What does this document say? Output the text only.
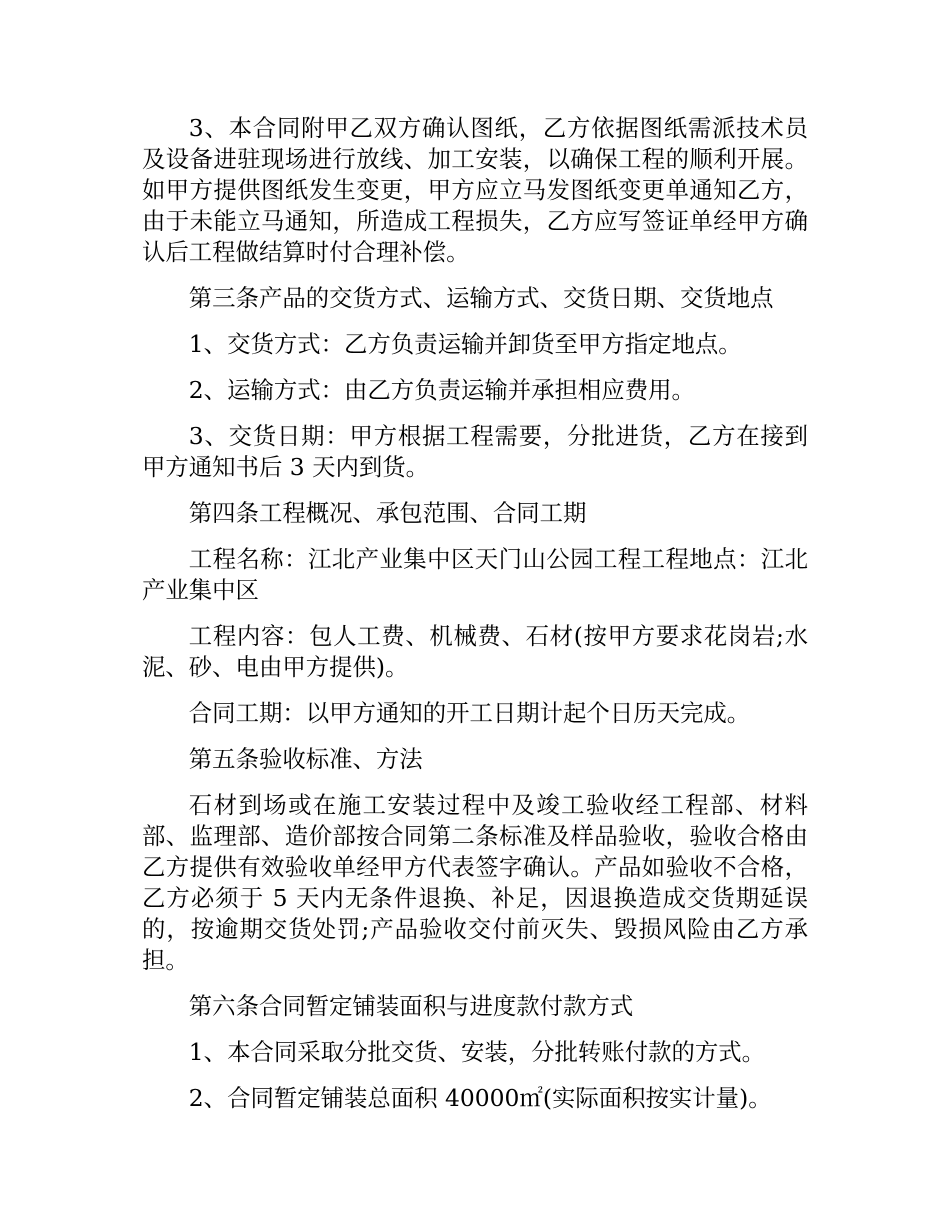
3、本合同附甲乙双方确认图纸，乙方依据图纸需派技术员及设备进驻现场进行放线、加工安装，以确保工程的顺利开展。如甲方提供图纸发生变更，甲方应立马发图纸变更单通知乙方，由于未能立马通知，所造成工程损失，乙方应写签证单经甲方确认后工程做结算时付合理补偿。

第三条产品的交货方式、运输方式、交货日期、交货地点

1、交货方式：乙方负责运输并卸货至甲方指定地点。

2、运输方式：由乙方负责运输并承担相应费用。

3、交货日期：甲方根据工程需要，分批进货，乙方在接到甲方通知书后 3 天内到货。

第四条工程概况、承包范围、合同工期

工程名称：江北产业集中区天门山公园工程工程地点：江北产业集中区

工程内容：包人工费、机械费、石材(按甲方要求花岗岩;水泥、砂、电由甲方提供)。

合同工期：以甲方通知的开工日期计起个日历天完成。

第五条验收标准、方法

石材到场或在施工安装过程中及竣工验收经工程部、材料部、监理部、造价部按合同第二条标准及样品验收，验收合格由乙方提供有效验收单经甲方代表签字确认。产品如验收不合格，乙方必须于 5 天内无条件退换、补足，因退换造成交货期延误的，按逾期交货处罚;产品验收交付前灭失、毁损风险由乙方承担。

第六条合同暂定铺装面积与进度款付款方式

1、本合同采取分批交货、安装，分批转账付款的方式。

2、合同暂定铺装总面积 40000㎡(实际面积按实计量)。
